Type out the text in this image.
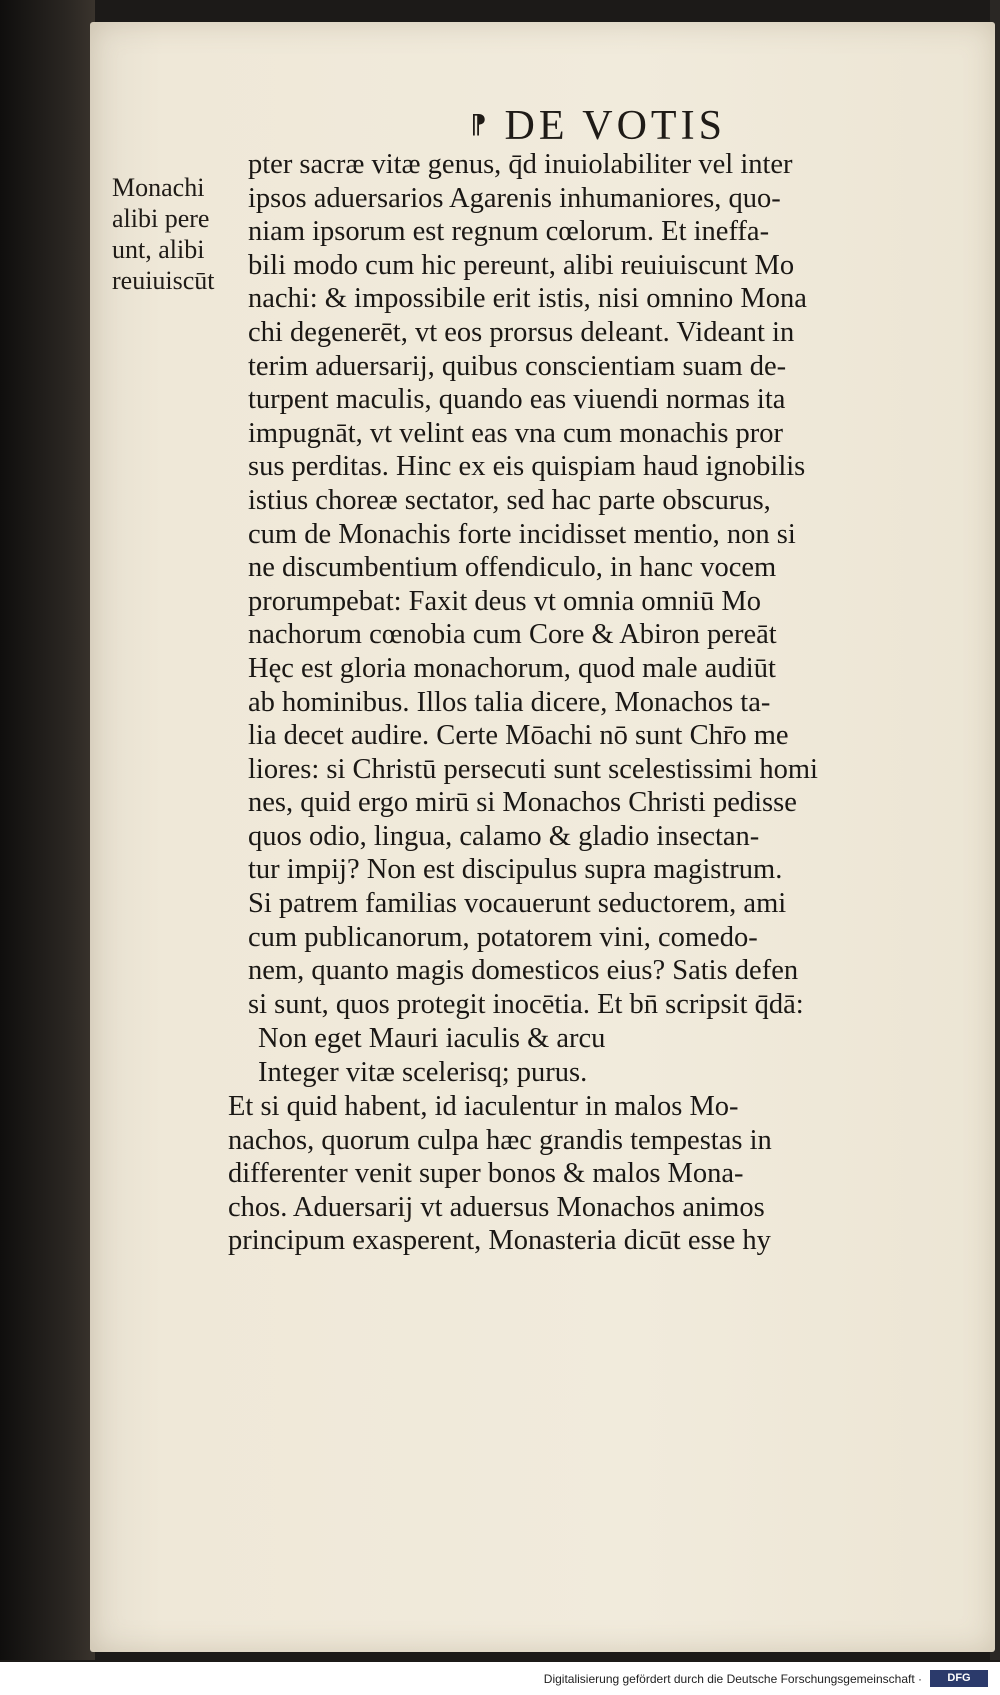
⁋ DE VOTIS
Monachi
alibi pere
unt, alibi
reuiuiscūt
pter sacræ vitæ genus, q̄d inuiolabiliter vel inter
ipsos aduersarios Agarenis inhumaniores, quo-
niam ipsorum est regnum cœlorum. Et ineffa-
bili modo cum hic pereunt, alibi reuiuiscunt Mo
nachi: & impossibile erit istis, nisi omnino Mona
chi degenerēt, vt eos prorsus deleant. Videant in
terim aduersarij, quibus conscientiam suam de-
turpent maculis, quando eas viuendi normas ita
impugnāt, vt velint eas vna cum monachis pror
sus perditas. Hinc ex eis quispiam haud ignobilis
istius choreæ sectator, sed hac parte obscurus,
cum de Monachis forte incidisset mentio, non si
ne discumbentium offendiculo, in hanc vocem
prorumpebat: Faxit deus vt omnia omniū Mo
nachorum cœnobia cum Core & Abiron pereāt
Hęc est gloria monachorum, quod male audiūt
ab hominibus. Illos talia dicere, Monachos ta-
lia decet audire. Certe Mōachi nō sunt Chr̄o me
liores: si Christū persecuti sunt scelestissimi homi
nes, quid ergo mirū si Monachos Christi pedisse
quos odio, lingua, calamo & gladio insectan-
tur impij? Non est discipulus supra magistrum.
Si patrem familias vocauerunt seductorem, ami
cum publicanorum, potatorem vini, comedo-
nem, quanto magis domesticos eius? Satis defen
si sunt, quos protegit inocētia. Et bn̄ scripsit q̄dā:
Non eget Mauri iaculis & arcu
Integer vitæ scelerisq; purus.
Et si quid habent, id iaculentur in malos Mo-
nachos, quorum culpa hæc grandis tempestas in
differenter venit super bonos & malos Mona-
chos. Aduersarij vt aduersus Monachos animos
principum exasperent, Monasteria dicūt esse hy
Digitalisierung gefördert durch die Deutsche Forschungsgemeinschaft ·	DFG
